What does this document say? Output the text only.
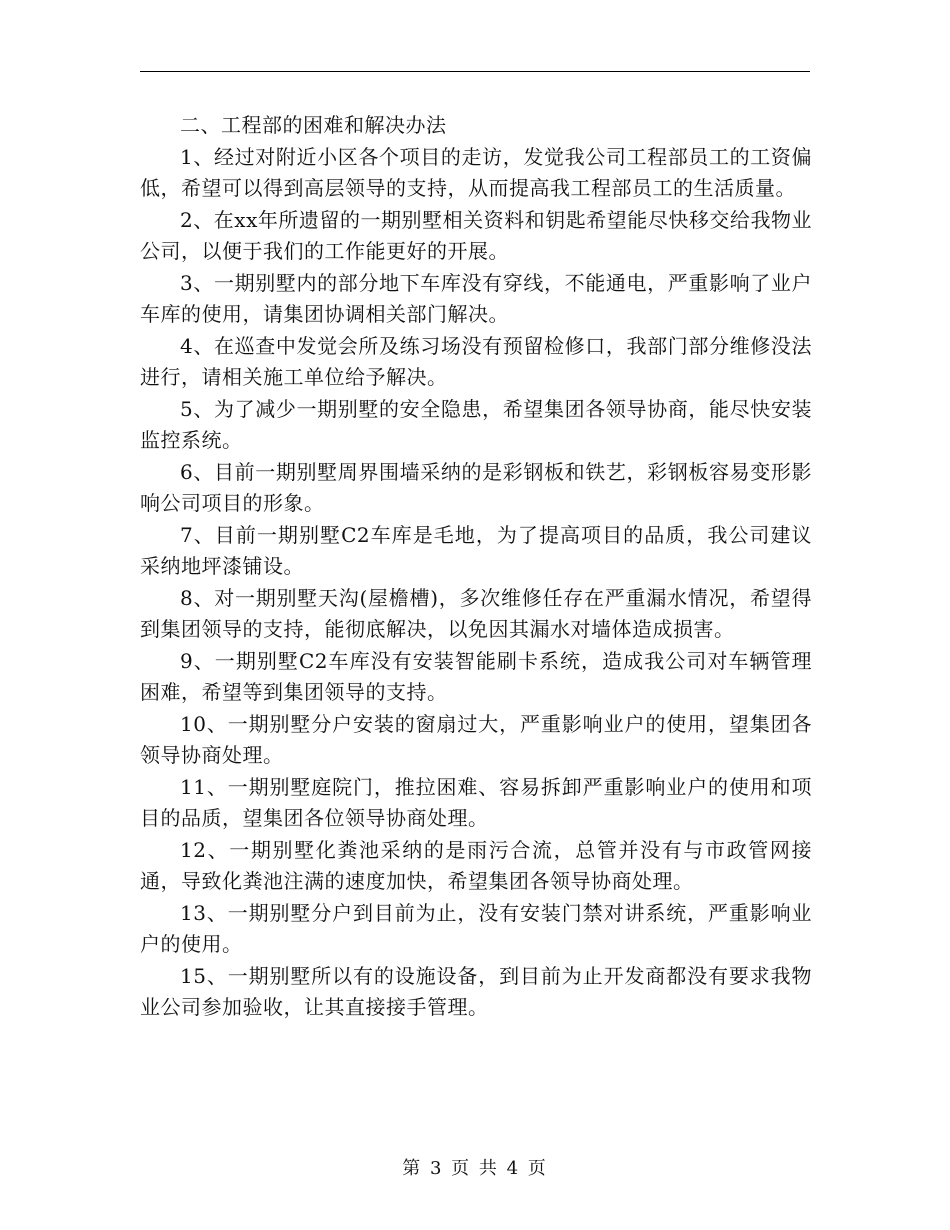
二、工程部的困难和解决办法

1、经过对附近小区各个项目的走访，发觉我公司工程部员工的工资偏低，希望可以得到高层领导的支持，从而提高我工程部员工的生活质量。

2、在xx年所遗留的一期别墅相关资料和钥匙希望能尽快移交给我物业公司，以便于我们的工作能更好的开展。

3、一期别墅内的部分地下车库没有穿线，不能通电，严重影响了业户车库的使用，请集团协调相关部门解决。

4、在巡查中发觉会所及练习场没有预留检修口，我部门部分维修没法进行，请相关施工单位给予解决。

5、为了减少一期别墅的安全隐患，希望集团各领导协商，能尽快安装监控系统。

6、目前一期别墅周界围墙采纳的是彩钢板和铁艺，彩钢板容易变形影响公司项目的形象。

7、目前一期别墅C2车库是毛地，为了提高项目的品质，我公司建议采纳地坪漆铺设。

8、对一期别墅天沟(屋檐槽)，多次维修任存在严重漏水情况，希望得到集团领导的支持，能彻底解决，以免因其漏水对墙体造成损害。

9、一期别墅C2车库没有安装智能刷卡系统，造成我公司对车辆管理困难，希望等到集团领导的支持。

10、一期别墅分户安装的窗扇过大，严重影响业户的使用，望集团各领导协商处理。

11、一期别墅庭院门，推拉困难、容易拆卸严重影响业户的使用和项目的品质，望集团各位领导协商处理。

12、一期别墅化粪池采纳的是雨污合流，总管并没有与市政管网接通，导致化粪池注满的速度加快，希望集团各领导协商处理。

13、一期别墅分户到目前为止，没有安装门禁对讲系统，严重影响业户的使用。

15、一期别墅所以有的设施设备，到目前为止开发商都没有要求我物业公司参加验收，让其直接接手管理。

第 3 页 共 4 页
